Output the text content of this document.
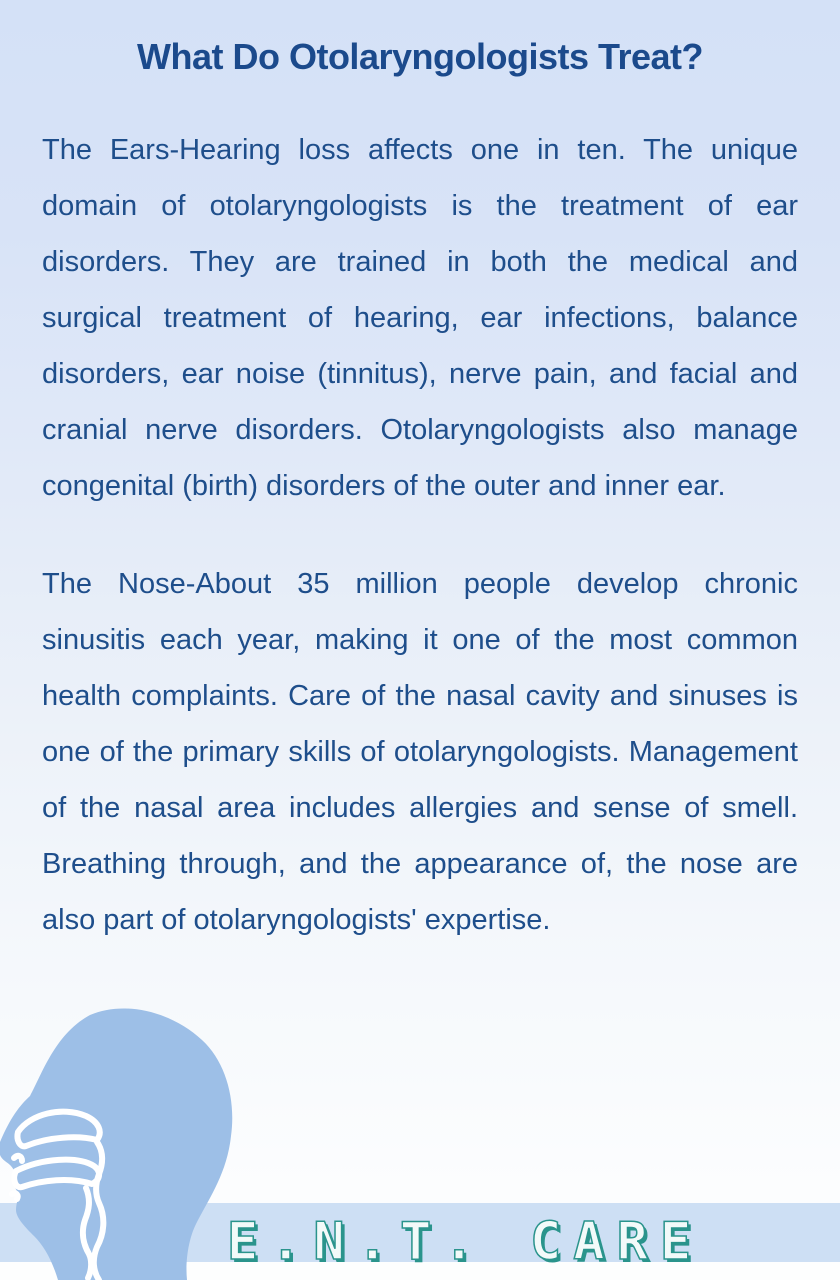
What Do Otolaryngologists Treat?

The Ears-Hearing loss affects one in ten. The unique domain of otolaryngologists is the treatment of ear disorders. They are trained in both the medical and surgical treatment of hearing, ear infections, balance disorders, ear noise (tinnitus), nerve pain, and facial and cranial nerve disorders. Otolaryngologists also manage congenital (birth) disorders of the outer and inner ear.

The Nose-About 35 million people develop chronic sinusitis each year, making it one of the most common health complaints. Care of the nasal cavity and sinuses is one of the primary skills of otolaryngologists. Management of the nasal area includes allergies and sense of smell. Breathing through, and the appearance of, the nose are also part of otolaryngologists' expertise.

E.N.T. CARE
